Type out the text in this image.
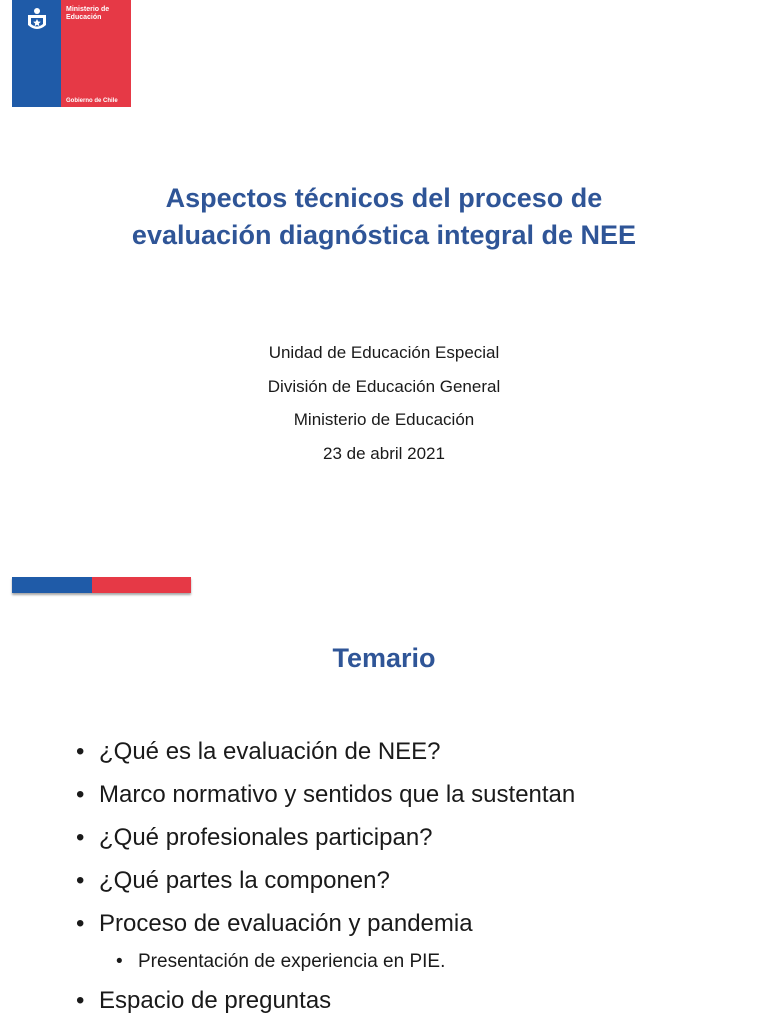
Ministerio de
Educación
Gobierno de Chile
Aspectos técnicos del proceso de
evaluación diagnóstica integral de NEE
Unidad de Educación Especial
División de Educación General
Ministerio de Educación
23 de abril 2021
Temario
• ¿Qué es la evaluación de NEE?
• Marco normativo y sentidos que la sustentan
• ¿Qué profesionales participan?
• ¿Qué partes la componen?
• Proceso de evaluación y pandemia
• Presentación de experiencia en PIE.
• Espacio de preguntas
